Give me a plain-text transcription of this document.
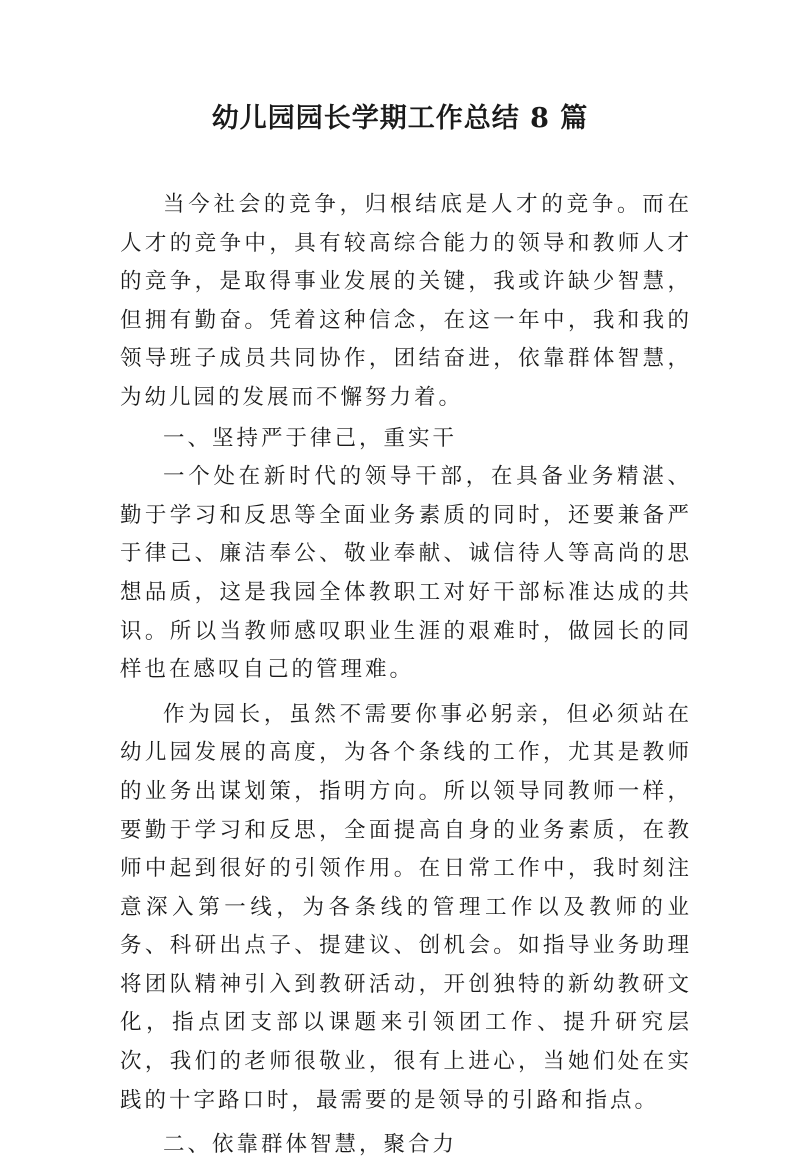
幼儿园园长学期工作总结 8 篇

当今社会的竞争，归根结底是人才的竞争。而在人才的竞争中，具有较高综合能力的领导和教师人才的竞争，是取得事业发展的关键，我或许缺少智慧，但拥有勤奋。凭着这种信念，在这一年中，我和我的领导班子成员共同协作，团结奋进，依靠群体智慧，为幼儿园的发展而不懈努力着。

一、坚持严于律己，重实干

一个处在新时代的领导干部，在具备业务精湛、勤于学习和反思等全面业务素质的同时，还要兼备严于律己、廉洁奉公、敬业奉献、诚信待人等高尚的思想品质，这是我园全体教职工对好干部标准达成的共识。所以当教师感叹职业生涯的艰难时，做园长的同样也在感叹自己的管理难。

作为园长，虽然不需要你事必躬亲，但必须站在幼儿园发展的高度，为各个条线的工作，尤其是教师的业务出谋划策，指明方向。所以领导同教师一样，要勤于学习和反思，全面提高自身的业务素质，在教师中起到很好的引领作用。在日常工作中，我时刻注意深入第一线，为各条线的管理工作以及教师的业务、科研出点子、提建议、创机会。如指导业务助理将团队精神引入到教研活动，开创独特的新幼教研文化，指点团支部以课题来引领团工作、提升研究层次，我们的老师很敬业，很有上进心，当她们处在实践的十字路口时，最需要的是领导的引路和指点。

二、依靠群体智慧，聚合力
